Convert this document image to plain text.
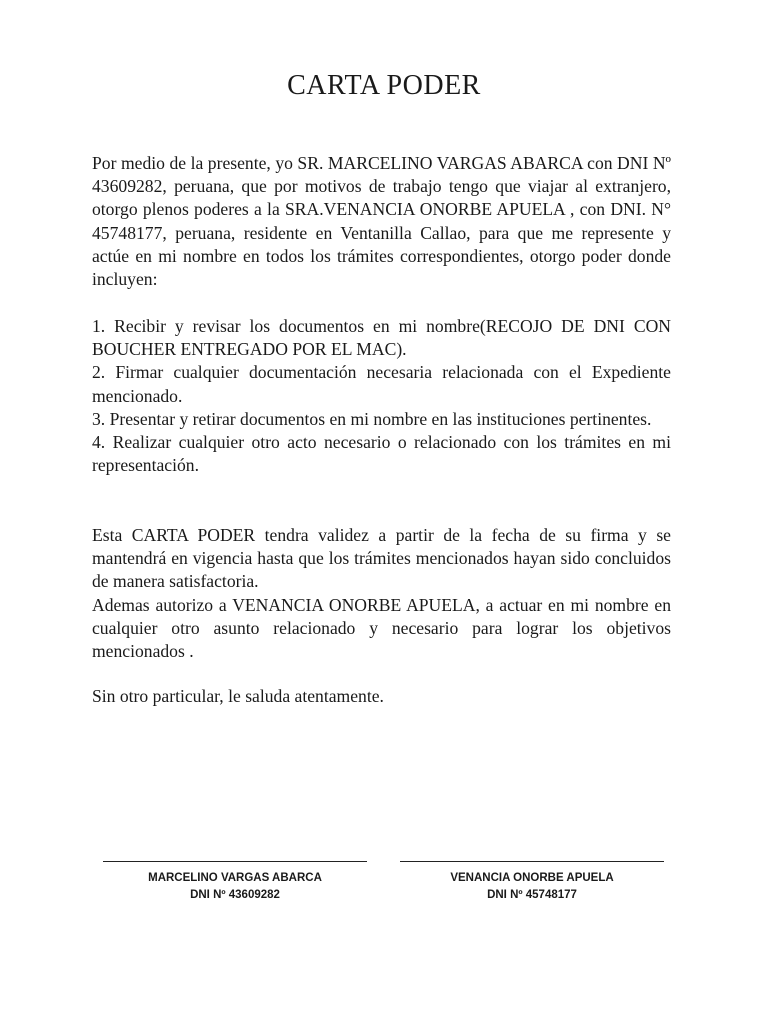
CARTA PODER

Por medio de la presente, yo SR. MARCELINO VARGAS ABARCA con DNI Nº 43609282, peruana, que por motivos de trabajo tengo que viajar al extranjero, otorgo plenos poderes a la SRA.VENANCIA ONORBE APUELA , con DNI. N° 45748177, peruana, residente en Ventanilla Callao, para que me represente y actúe en mi nombre en todos los trámites correspondientes, otorgo poder donde incluyen:

1. Recibir y revisar los documentos en mi nombre(RECOJO DE DNI CON BOUCHER ENTREGADO POR EL MAC).

2. Firmar cualquier documentación necesaria relacionada con el Expediente mencionado.

3. Presentar y retirar documentos en mi nombre en las instituciones pertinentes.

4. Realizar cualquier otro acto necesario o relacionado con los trámites en mi representación.

Esta CARTA PODER tendra validez a partir de la fecha de su firma y se mantendrá en vigencia hasta que los trámites mencionados hayan sido concluidos de manera satisfactoria.

Ademas autorizo a VENANCIA ONORBE APUELA, a actuar en mi nombre en cualquier otro asunto relacionado y necesario para lograr los objetivos mencionados .

Sin otro particular, le saluda atentamente.

MARCELINO VARGAS ABARCA
DNI Nº 43609282
VENANCIA ONORBE APUELA
DNI Nº 45748177
